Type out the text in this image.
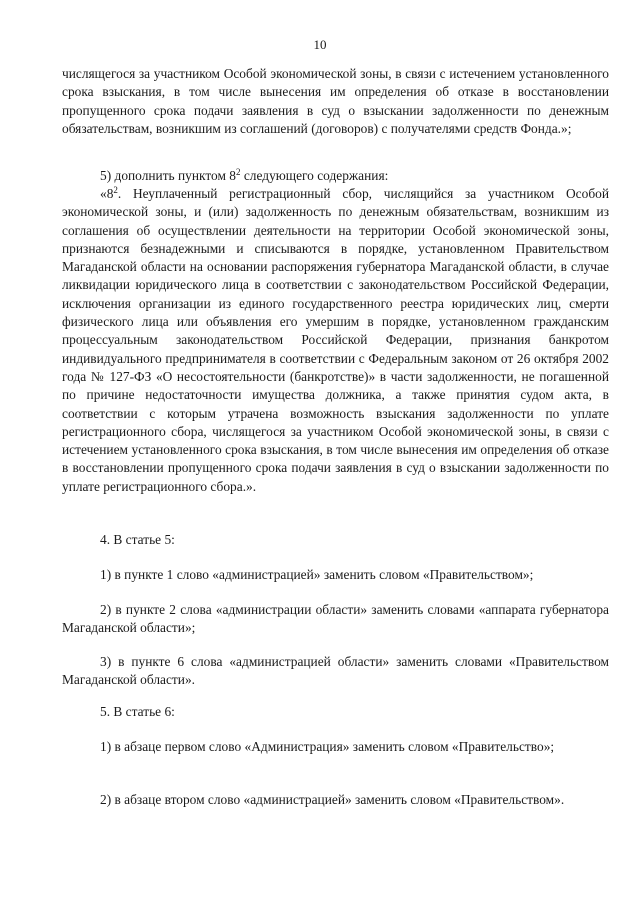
10

числящегося за участником Особой экономической зоны, в связи с истечением установленного срока взыскания, в том числе вынесения им определения об отказе в восстановлении пропущенного срока подачи заявления в суд о взыскании задолженности по денежным обязательствам, возникшим из соглашений (договоров) с получателями средств Фонда.»;

5) дополнить пунктом $8^2$ следующего содержания:

«$8^2$. Неуплаченный регистрационный сбор, числящийся за участником Особой экономической зоны, и (или) задолженность по денежным обязательствам, возникшим из соглашения об осуществлении деятельности на территории Особой экономической зоны, признаются безнадежными и списываются в порядке, установленном Правительством Магаданской области на основании распоряжения губернатора Магаданской области, в случае ликвидации юридического лица в соответствии с законодательством Российской Федерации, исключения организации из единого государственного реестра юридических лиц, смерти физического лица или объявления его умершим в порядке, установленном гражданским процессуальным законодательством Российской Федерации, признания банкротом индивидуального предпринимателя в соответствии с Федеральным законом от 26 октября 2002 года № 127-ФЗ «О несостоятельности (банкротстве)» в части задолженности, не погашенной по причине недостаточности имущества должника, а также принятия судом акта, в соответствии с которым утрачена возможность взыскания задолженности по уплате регистрационного сбора, числящегося за участником Особой экономической зоны, в связи с истечением установленного срока взыскания, в том числе вынесения им определения об отказе в восстановлении пропущенного срока подачи заявления в суд о взыскании задолженности по уплате регистрационного сбора.».

4. В статье 5:

1) в пункте 1 слово «администрацией» заменить словом «Правительством»;

2) в пункте 2 слова «администрации области» заменить словами «аппарата губернатора Магаданской области»;

3) в пункте 6 слова «администрацией области» заменить словами «Правительством Магаданской области».

5. В статье 6:

1) в абзаце первом слово «Администрация» заменить словом «Правительство»;

2) в абзаце втором слово «администрацией» заменить словом «Правительством».
